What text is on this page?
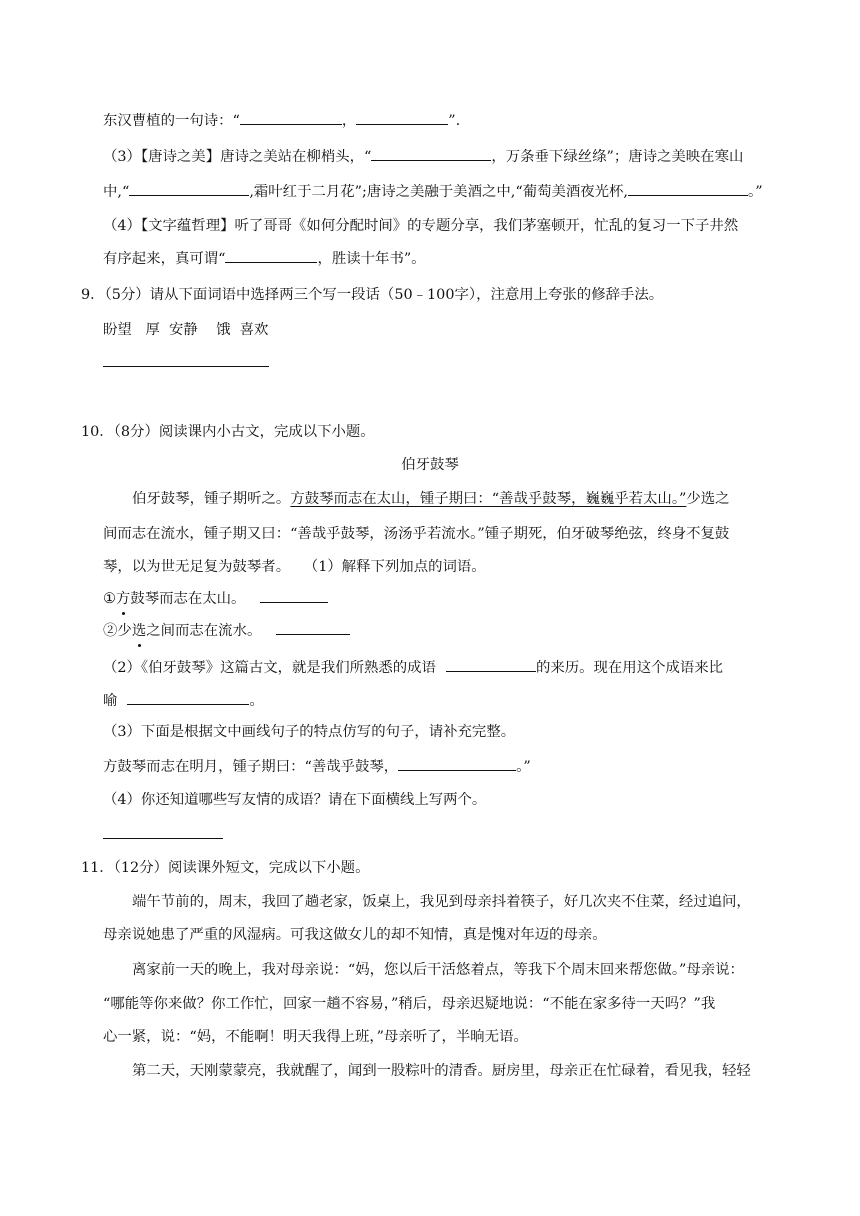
东汉曹植的一句诗：“	，	”.
（3）【唐诗之美】唐诗之美站在柳梢头，“	，万条垂下绿丝绦”；唐诗之美映在寒山
中,“	,霜叶红于二月花”;唐诗之美融于美酒之中,“葡萄美酒夜光杯,	。”
（4）【文字蕴哲理】听了哥哥《如何分配时间》的专题分享，我们茅塞顿开，忙乱的复习一下子井然
有序起来，真可谓“	，胜读十年书”。
9．（5分）请从下面词语中选择两三个写一段话（50﹣100字），注意用上夸张的修辞手法。
盼望   厚  安静    饿  喜欢
10．（8分）阅读课内小古文，完成以下小题。
伯牙鼓琴
伯牙鼓琴，锺子期听之。方鼓琴而志在太山，锺子期曰：“善哉乎鼓琴，巍巍乎若太山。”少选之
间而志在流水，锺子期又曰：“善哉乎鼓琴，汤汤乎若流水。”锺子期死，伯牙破琴绝弦，终身不复鼓
琴，以为世无足复为鼓琴者。   （1）解释下列加点的词语。
①方鼓琴而志在太山。
②少选之间而志在流水。
（2）《伯牙鼓琴》这篇古文，就是我们所熟悉的成语	的来历。现在用这个成语来比
喻	。
（3）下面是根据文中画线句子的特点仿写的句子，请补充完整。
方鼓琴而志在明月，锺子期曰：“善哉乎鼓琴，	。”
（4）你还知道哪些写友情的成语？请在下面横线上写两个。
11．（12分）阅读课外短文，完成以下小题。
端午节前的，周末，我回了趟老家，饭桌上，我见到母亲抖着筷子，好几次夹不住菜，经过追问，
母亲说她患了严重的风湿病。可我这做女儿的却不知情，真是愧对年迈的母亲。
离家前一天的晚上，我对母亲说：“妈，您以后干活悠着点，等我下个周末回来帮您做。”母亲说：
“哪能等你来做？你工作忙，回家一趟不容易，”稍后，母亲迟疑地说：“不能在家多待一天吗？”我
心一紧，说：“妈，不能啊！明天我得上班，”母亲听了，半晌无语。
第二天，天刚蒙蒙亮，我就醒了，闻到一股粽叶的清香。厨房里，母亲正在忙碌着，看见我，轻轻
